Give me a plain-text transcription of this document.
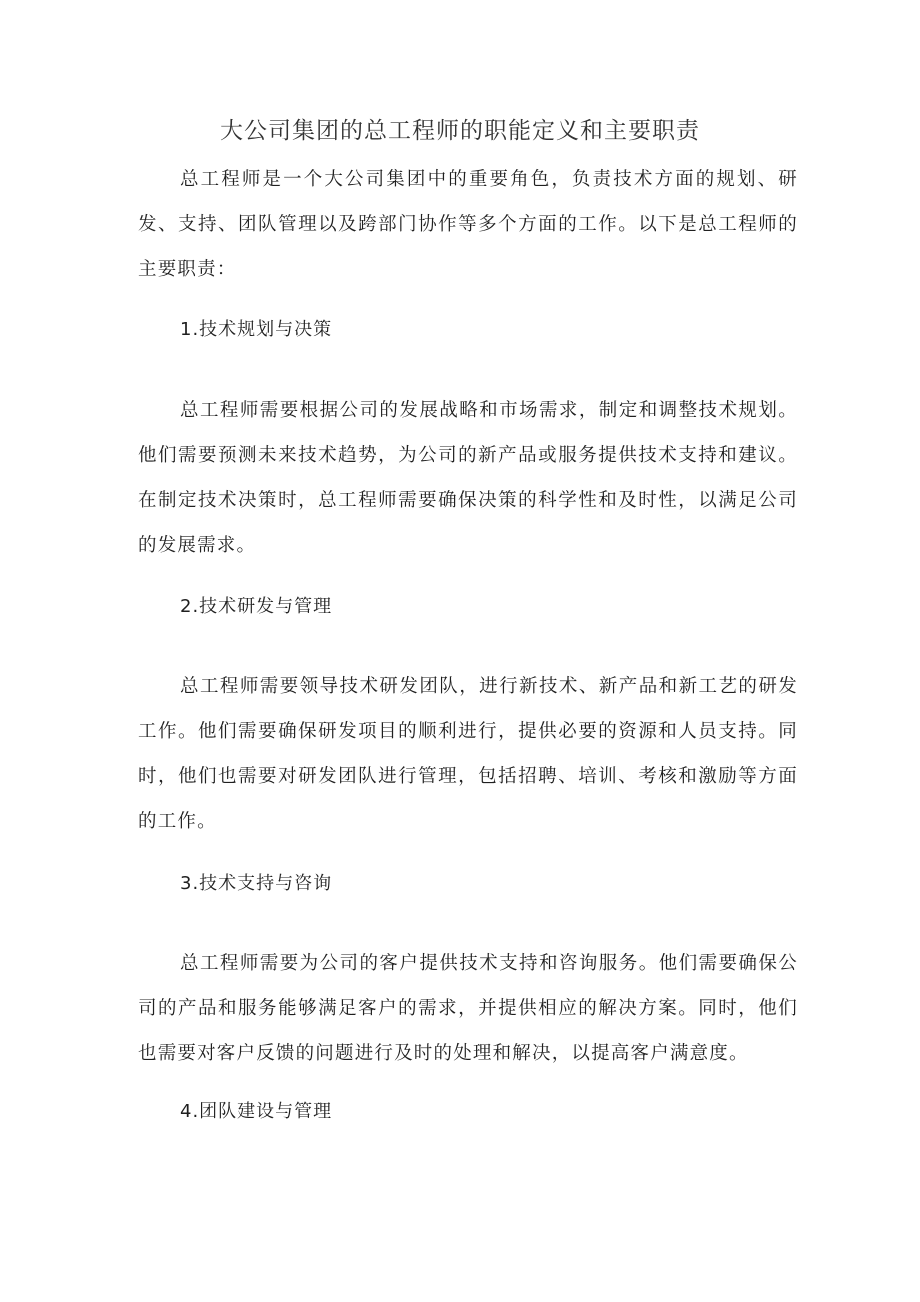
大公司集团的总工程师的职能定义和主要职责

总工程师是一个大公司集团中的重要角色，负责技术方面的规划、研发、支持、团队管理以及跨部门协作等多个方面的工作。以下是总工程师的主要职责：

1.技术规划与决策

总工程师需要根据公司的发展战略和市场需求，制定和调整技术规划。他们需要预测未来技术趋势，为公司的新产品或服务提供技术支持和建议。在制定技术决策时，总工程师需要确保决策的科学性和及时性，以满足公司的发展需求。

2.技术研发与管理

总工程师需要领导技术研发团队，进行新技术、新产品和新工艺的研发工作。他们需要确保研发项目的顺利进行，提供必要的资源和人员支持。同时，他们也需要对研发团队进行管理，包括招聘、培训、考核和激励等方面的工作。

3.技术支持与咨询

总工程师需要为公司的客户提供技术支持和咨询服务。他们需要确保公司的产品和服务能够满足客户的需求，并提供相应的解决方案。同时，他们也需要对客户反馈的问题进行及时的处理和解决，以提高客户满意度。

4.团队建设与管理
